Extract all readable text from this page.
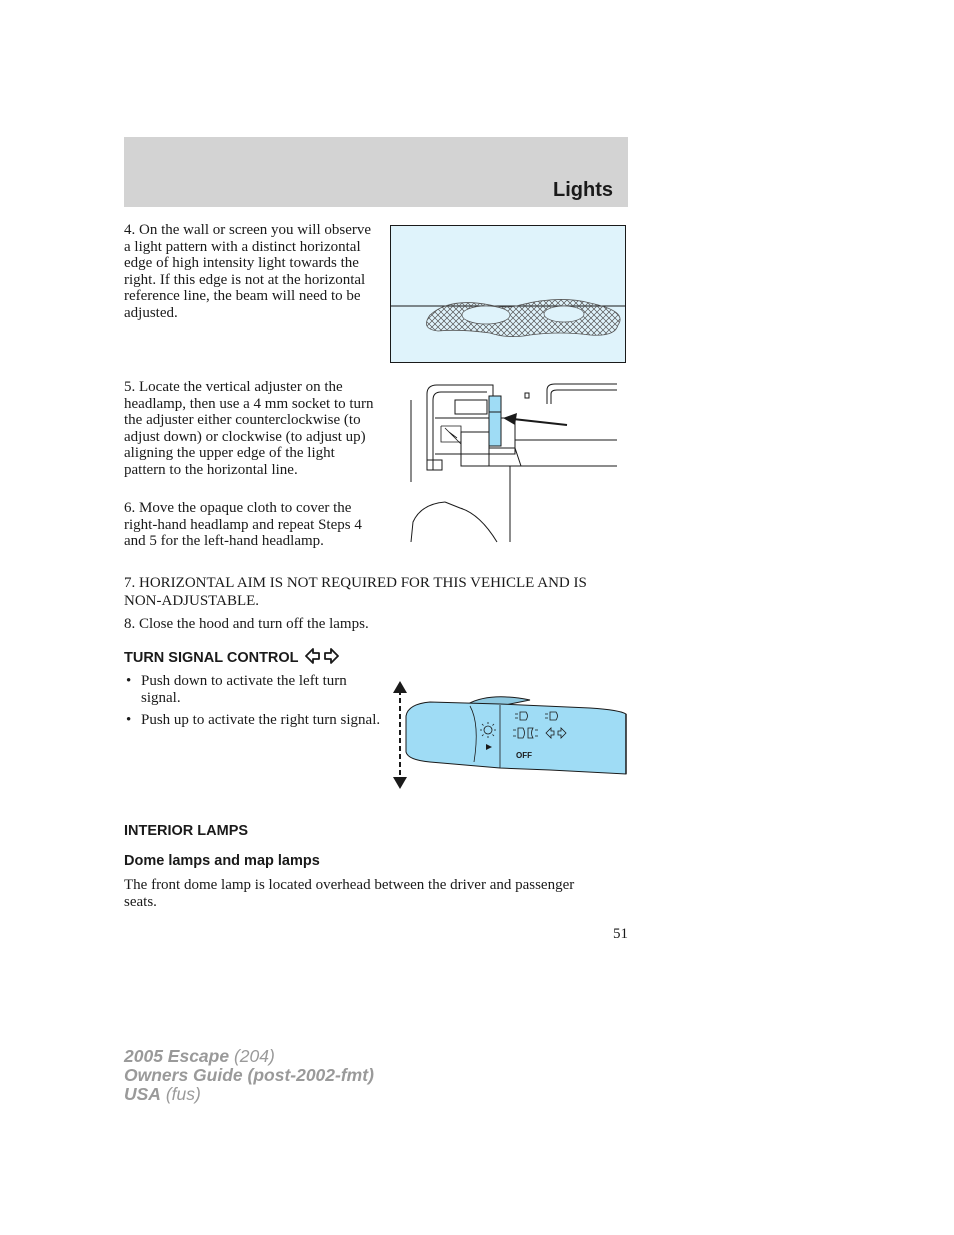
Lights

4. On the wall or screen you will observe a light pattern with a distinct horizontal edge of high intensity light towards the right. If this edge is not at the horizontal reference line, the beam will need to be adjusted.

5. Locate the vertical adjuster on the headlamp, then use a 4 mm socket to turn the adjuster either counterclockwise (to adjust down) or clockwise (to adjust up) aligning the upper edge of the light pattern to the horizontal line.

6. Move the opaque cloth to cover the right-hand headlamp and repeat Steps 4 and 5 for the left-hand headlamp.

7. HORIZONTAL AIM IS NOT REQUIRED FOR THIS VEHICLE AND IS NON-ADJUSTABLE.

8. Close the hood and turn off the lamps.

TURN SIGNAL CONTROL
• Push down to activate the left turn signal.
• Push up to activate the right turn signal.
OFF
INTERIOR LAMPS
Dome lamps and map lamps

The front dome lamp is located overhead between the driver and passenger seats.

51
2005 Escape (204)
Owners Guide (post-2002-fmt)
USA (fus)
